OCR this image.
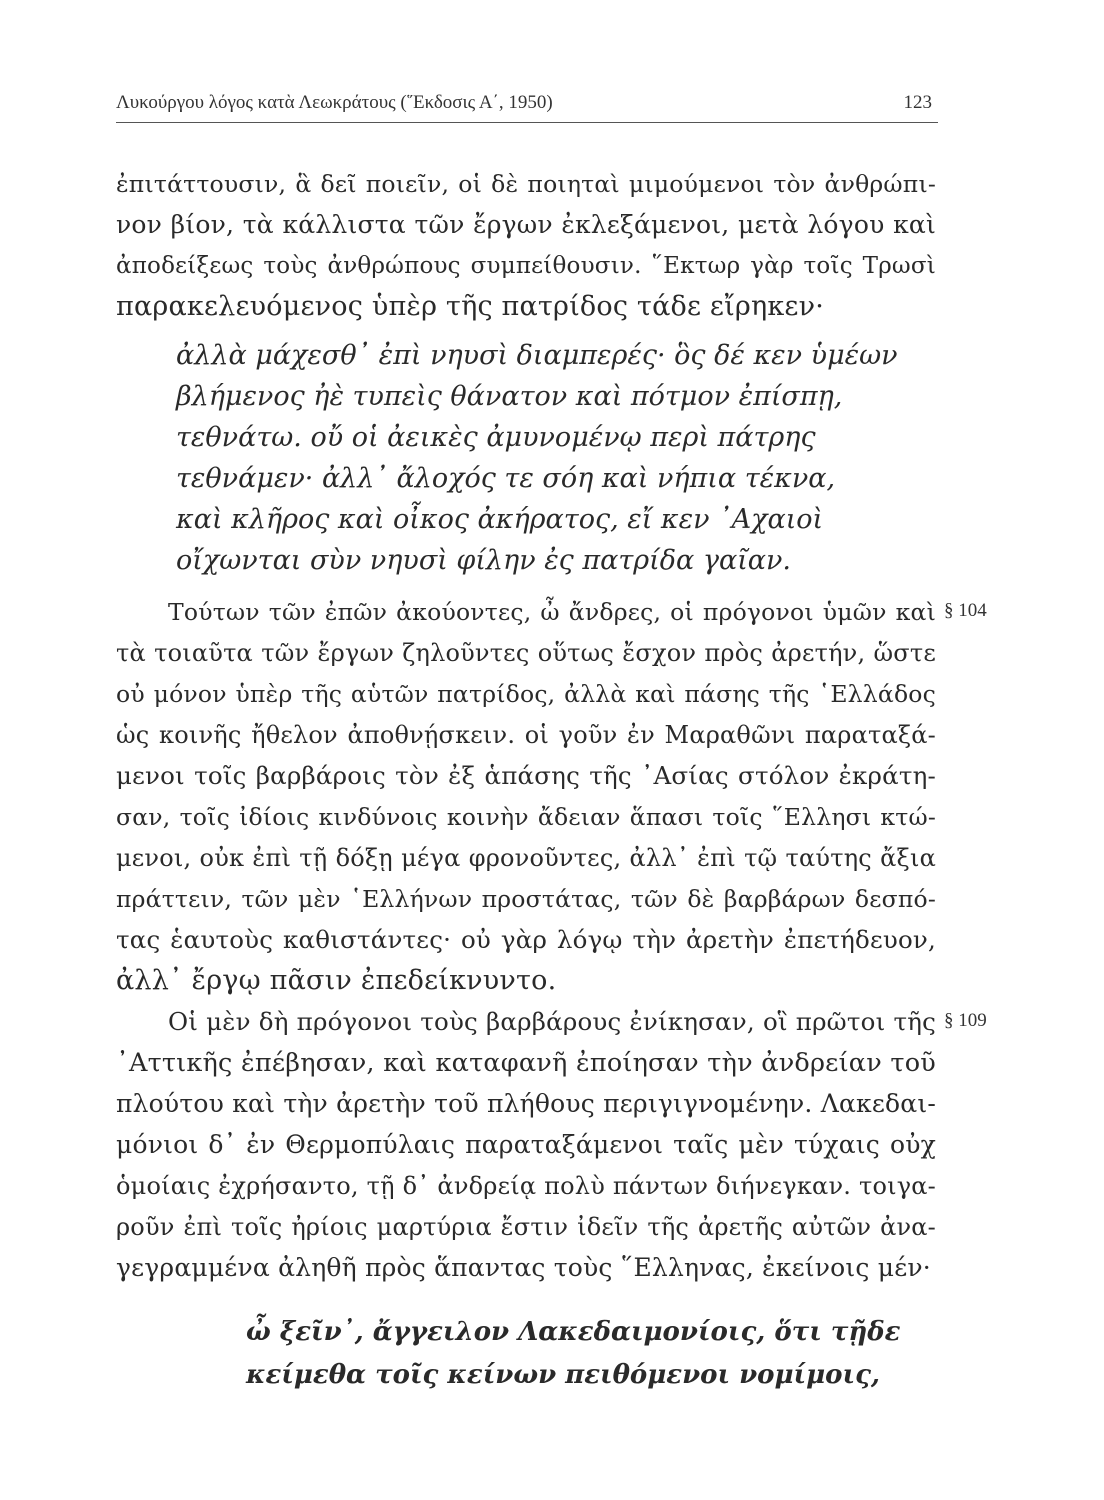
Λυκούργου λόγος κατὰ Λεωκράτους (῞Εκδοσις Α΄, 1950)	123
ἐπιτάττουσιν, ἃ δεῖ ποιεῖν, οἱ δὲ ποιηταὶ μιμούμενοι τὸν ἀνθρώπι-
νον βίον, τὰ κάλλιστα τῶν ἔργων ἐκλεξάμενοι, μετὰ λόγου καὶ
ἀποδείξεως τοὺς ἀνθρώπους συμπείθουσιν. ῞Εκτωρ γὰρ τοῖς Τρωσὶ
παρακελευόμενος ὑπὲρ τῆς πατρίδος τάδε εἴρηκεν·
ἀλλὰ μάχεσθ᾽ ἐπὶ νηυσὶ διαμπερές· ὃς δέ κεν ὑμέων
βλήμενος ἠὲ τυπεὶς θάνατον καὶ πότμον ἐπίσπῃ,
τεθνάτω. οὔ οἱ ἀεικὲς ἀμυνομένῳ περὶ πάτρης
τεθνάμεν· ἀλλ᾽ ἄλοχός τε σόη καὶ νήπια τέκνα,
καὶ κλῆρος καὶ οἶκος ἀκήρατος, εἴ κεν ᾽Αχαιοὶ
οἴχωνται σὺν νηυσὶ φίλην ἐς πατρίδα γαῖαν.
Τούτων τῶν ἐπῶν ἀκούοντες, ὦ ἄνδρες, οἱ πρόγονοι ὑμῶν καὶ
τὰ τοιαῦτα τῶν ἔργων ζηλοῦντες οὕτως ἔσχον πρὸς ἀρετήν, ὥστε
οὐ μόνον ὑπὲρ τῆς αὑτῶν πατρίδος, ἀλλὰ καὶ πάσης τῆς ῾Ελλάδος
ὡς κοινῆς ἤθελον ἀποθνῄσκειν. οἱ γοῦν ἐν Μαραθῶνι παραταξά-
μενοι τοῖς βαρβάροις τὸν ἐξ ἁπάσης τῆς ᾽Ασίας στόλον ἐκράτη-
σαν, τοῖς ἰδίοις κινδύνοις κοινὴν ἄδειαν ἅπασι τοῖς ῞Ελλησι κτώ-
μενοι, οὐκ ἐπὶ τῇ δόξῃ μέγα φρονοῦντες, ἀλλ᾽ ἐπὶ τῷ ταύτης ἄξια
πράττειν, τῶν μὲν ῾Ελλήνων προστάτας, τῶν δὲ βαρβάρων δεσπό-
τας ἑαυτοὺς καθιστάντες· οὐ γὰρ λόγῳ τὴν ἀρετὴν ἐπετήδευον,
ἀλλ᾽ ἔργῳ πᾶσιν ἐπεδείκνυντο.
Οἱ μὲν δὴ πρόγονοι τοὺς βαρβάρους ἐνίκησαν, οἳ πρῶτοι τῆς
᾽Αττικῆς ἐπέβησαν, καὶ καταφανῆ ἐποίησαν τὴν ἀνδρείαν τοῦ
πλούτου καὶ τὴν ἀρετὴν τοῦ πλήθους περιγιγνομένην. Λακεδαι-
μόνιοι δ᾽ ἐν Θερμοπύλαις παραταξάμενοι ταῖς μὲν τύχαις οὐχ
ὁμοίαις ἐχρήσαντο, τῇ δ᾽ ἀνδρείᾳ πολὺ πάντων διήνεγκαν. τοιγα-
ροῦν ἐπὶ τοῖς ἠρίοις μαρτύρια ἔστιν ἰδεῖν τῆς ἀρετῆς αὐτῶν ἀνα-
γεγραμμένα ἀληθῆ πρὸς ἅπαντας τοὺς ῞Ελληνας, ἐκείνοις μέν·
ὦ ξεῖν᾽, ἄγγειλον Λακεδαιμονίοις, ὅτι τῇδε
κείμεθα τοῖς κείνων πειθόμενοι νομίμοις,
§ 104
§ 109
